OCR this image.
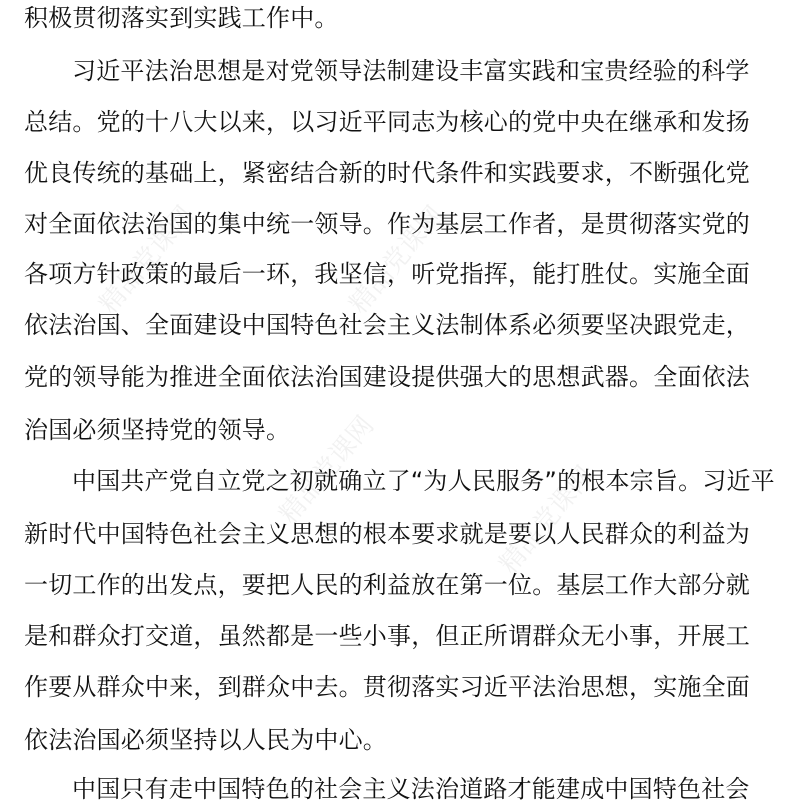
精品党课网	精品党课网
精品党课网	精品党课网
积极贯彻落实到实践工作中。
习近平法治思想是对党领导法制建设丰富实践和宝贵经验的科学
总结。党的十八大以来，以习近平同志为核心的党中央在继承和发扬
优良传统的基础上，紧密结合新的时代条件和实践要求，不断强化党
对全面依法治国的集中统一领导。作为基层工作者，是贯彻落实党的
各项方针政策的最后一环，我坚信，听党指挥，能打胜仗。实施全面
依法治国、全面建设中国特色社会主义法制体系必须要坚决跟党走，
党的领导能为推进全面依法治国建设提供强大的思想武器。全面依法
治国必须坚持党的领导。
中国共产党自立党之初就确立了“为人民服务”的根本宗旨。习近平
新时代中国特色社会主义思想的根本要求就是要以人民群众的利益为
一切工作的出发点，要把人民的利益放在第一位。基层工作大部分就
是和群众打交道，虽然都是一些小事，但正所谓群众无小事，开展工
作要从群众中来，到群众中去。贯彻落实习近平法治思想，实施全面
依法治国必须坚持以人民为中心。
中国只有走中国特色的社会主义法治道路才能建成中国特色社会
